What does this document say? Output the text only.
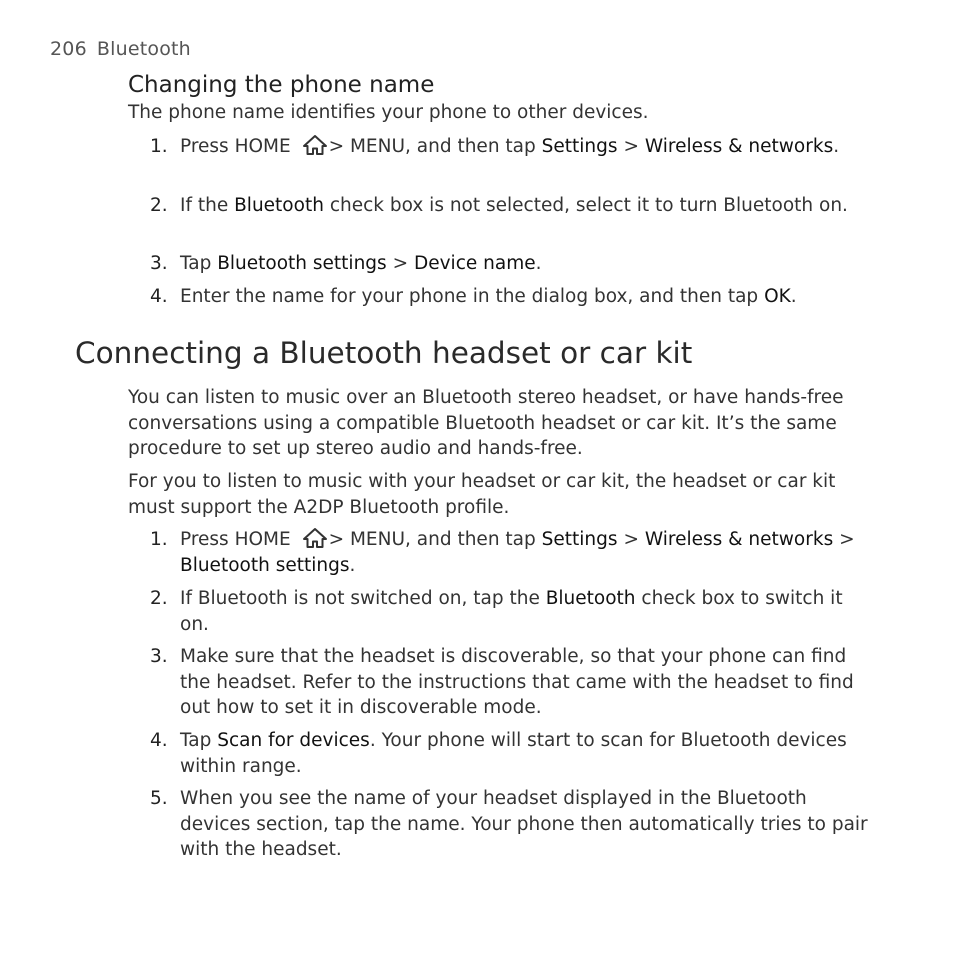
206 Bluetooth
Changing the phone name
The phone name identifies your phone to other devices.
1. Press HOME > MENU, and then tap Settings > Wireless & networks.
2. If the Bluetooth check box is not selected, select it to turn Bluetooth on.
3. Tap Bluetooth settings > Device name.
4. Enter the name for your phone in the dialog box, and then tap OK.
Connecting a Bluetooth headset or car kit
You can listen to music over an Bluetooth stereo headset, or have hands-free conversations using a compatible Bluetooth headset or car kit. It’s the same procedure to set up stereo audio and hands-free.
For you to listen to music with your headset or car kit, the headset or car kit must support the A2DP Bluetooth profile.
1. Press HOME > MENU, and then tap Settings > Wireless & networks > Bluetooth settings.
2. If Bluetooth is not switched on, tap the Bluetooth check box to switch it on.
3. Make sure that the headset is discoverable, so that your phone can find the headset. Refer to the instructions that came with the headset to find out how to set it in discoverable mode.
4. Tap Scan for devices. Your phone will start to scan for Bluetooth devices within range.
5. When you see the name of your headset displayed in the Bluetooth devices section, tap the name. Your phone then automatically tries to pair with the headset.
